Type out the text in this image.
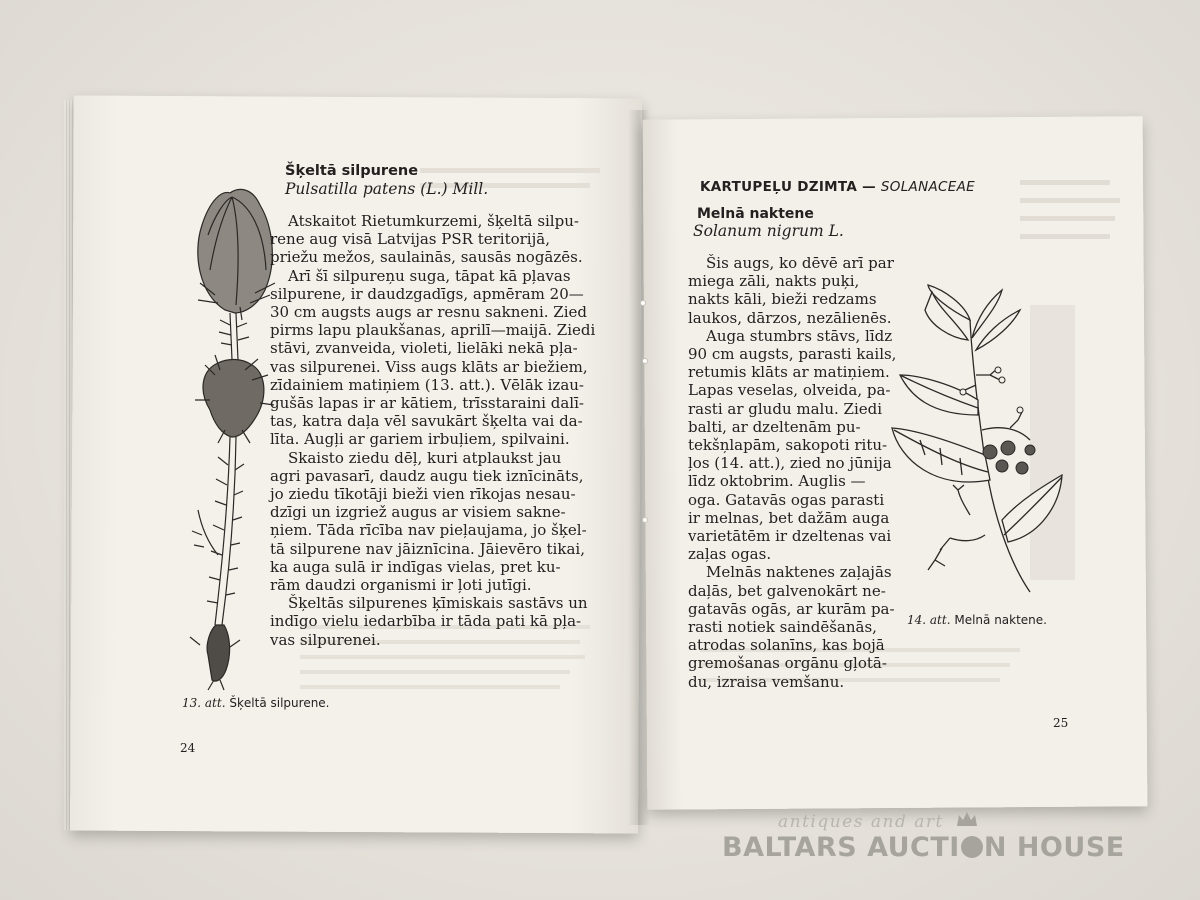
Šķeltā silpurene
Pulsatilla patens (L.) Mill.
Atskaitot Rietumkurzemi, šķeltā silpu-
rene aug visā Latvijas PSR teritorijā,
priežu mežos, saulainās, sausās nogāzēs.
Arī šī silpureņu suga, tāpat kā pļavas
silpurene, ir daudzgadīgs, apmēram 20—
30 cm augsts augs ar resnu sakneni. Zied
pirms lapu plaukšanas, aprilī—maijā. Ziedi
stāvi, zvanveida, violeti, lielāki nekā pļa-
vas silpurenei. Viss augs klāts ar biežiem,
zīdainiem matiņiem (13. att.). Vēlāk izau-
gušās lapas ir ar kātiem, trīsstaraini dalī-
tas, katra daļa vēl savukārt šķelta vai da-
līta. Augļi ar gariem irbuļiem, spilvaini.
Skaisto ziedu dēļ, kuri atplaukst jau
agri pavasarī, daudz augu tiek iznīcināts,
jo ziedu tīkotāji bieži vien rīkojas nesau-
dzīgi un izgriež augus ar visiem sakne-
ņiem. Tāda rīcība nav pieļaujama, jo šķel-
tā silpurene nav jāiznīcina. Jāievēro tikai,
ka auga sulā ir indīgas vielas, pret ku-
rām daudzi organismi ir ļoti jutīgi.
Šķeltās silpurenes ķīmiskais sastāvs un
indīgo vielu iedarbība ir tāda pati kā pļa-
vas silpurenei.
13. att. Šķeltā silpurene.
24
KARTUPEĻU DZIMTA — SOLANACEAE
Melnā naktene
Solanum nigrum L.
Šis augs, ko dēvē arī par
miega zāli, nakts puķi,
nakts kāli, bieži redzams
laukos, dārzos, nezālienēs.
Auga stumbrs stāvs, līdz
90 cm augsts, parasti kails,
retumis klāts ar matiņiem.
Lapas veselas, olveida, pa-
rasti ar gludu malu. Ziedi
balti, ar dzeltenām pu-
tekšņlapām, sakopoti ritu-
ļos (14. att.), zied no jūnija
līdz oktobrim. Auglis —
oga. Gatavās ogas parasti
ir melnas, bet dažām auga
varietātēm ir dzeltenas vai
zaļas ogas.
Melnās naktenes zaļajās
daļās, bet galvenokārt ne-
gatavās ogās, ar kurām pa-
rasti notiek saindēšanās,
atrodas solanīns, kas bojā
gremošanas orgānu gļotā-
du, izraisa vemšanu.
14. att. Melnā naktene.
25
antiques and art
BALTARS AUCTI N HOUSE
